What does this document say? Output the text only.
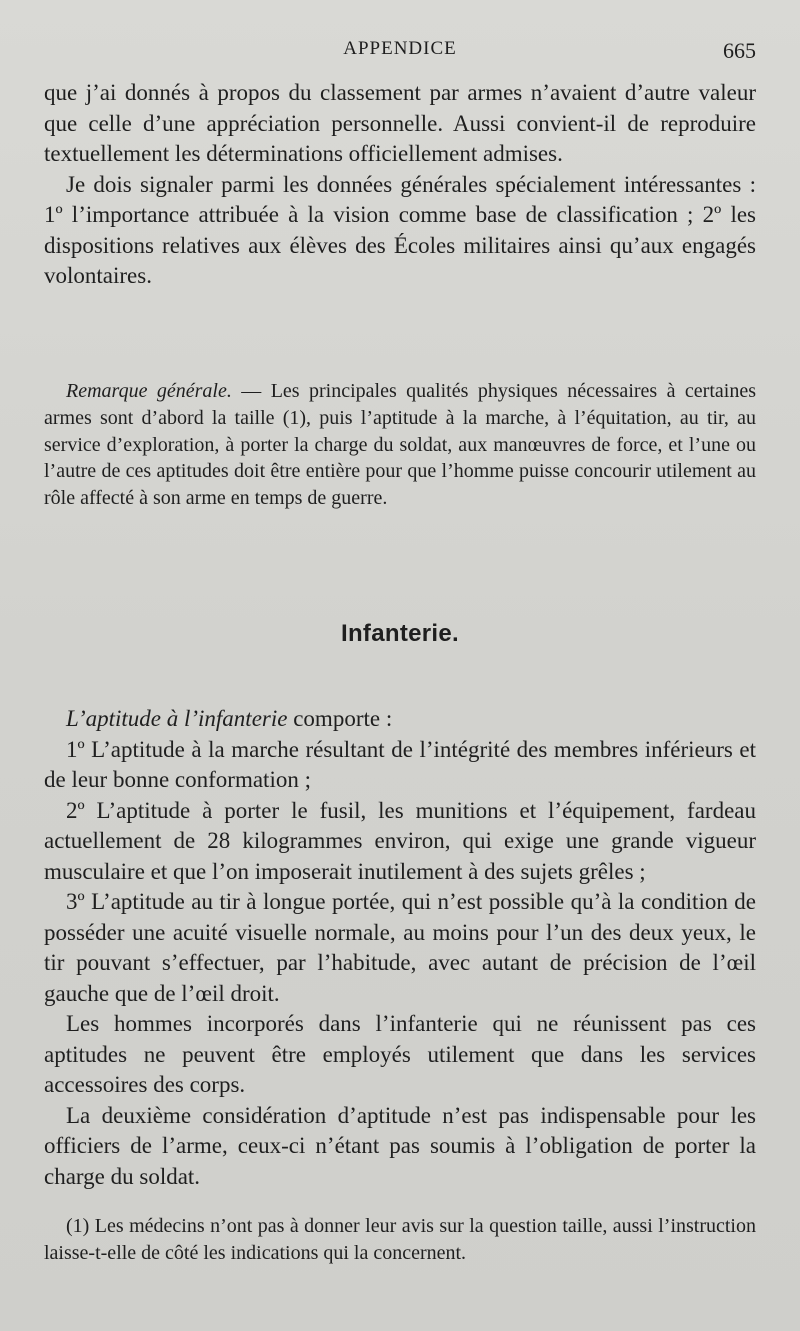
APPENDICE	665

que j’ai donnés à propos du classement par armes n’avaient d’autre valeur que celle d’une appréciation personnelle. Aussi convient-il de reproduire textuellement les déterminations officiellement admises.

Je dois signaler parmi les données générales spécialement intéressantes : 1º l’importance attribuée à la vision comme base de classification ; 2º les dispositions relatives aux élèves des Écoles militaires ainsi qu’aux engagés volontaires.

Remarque générale. — Les principales qualités physiques nécessaires à certaines armes sont d’abord la taille (1), puis l’aptitude à la marche, à l’équitation, au tir, au service d’exploration, à porter la charge du soldat, aux manœuvres de force, et l’une ou l’autre de ces aptitudes doit être entière pour que l’homme puisse concourir utilement au rôle affecté à son arme en temps de guerre.

Infanterie.

L’aptitude à l’infanterie comporte :

1º L’aptitude à la marche résultant de l’intégrité des membres inférieurs et de leur bonne conformation ;

2º L’aptitude à porter le fusil, les munitions et l’équipement, fardeau actuellement de 28 kilogrammes environ, qui exige une grande vigueur musculaire et que l’on imposerait inutilement à des sujets grêles ;

3º L’aptitude au tir à longue portée, qui n’est possible qu’à la condition de posséder une acuité visuelle normale, au moins pour l’un des deux yeux, le tir pouvant s’effectuer, par l’habitude, avec autant de précision de l’œil gauche que de l’œil droit.

Les hommes incorporés dans l’infanterie qui ne réunissent pas ces aptitudes ne peuvent être employés utilement que dans les services accessoires des corps.

La deuxième considération d’aptitude n’est pas indispensable pour les officiers de l’arme, ceux-ci n’étant pas soumis à l’obligation de porter la charge du soldat.

(1) Les médecins n’ont pas à donner leur avis sur la question taille, aussi l’instruction laisse-t-elle de côté les indications qui la concernent.
